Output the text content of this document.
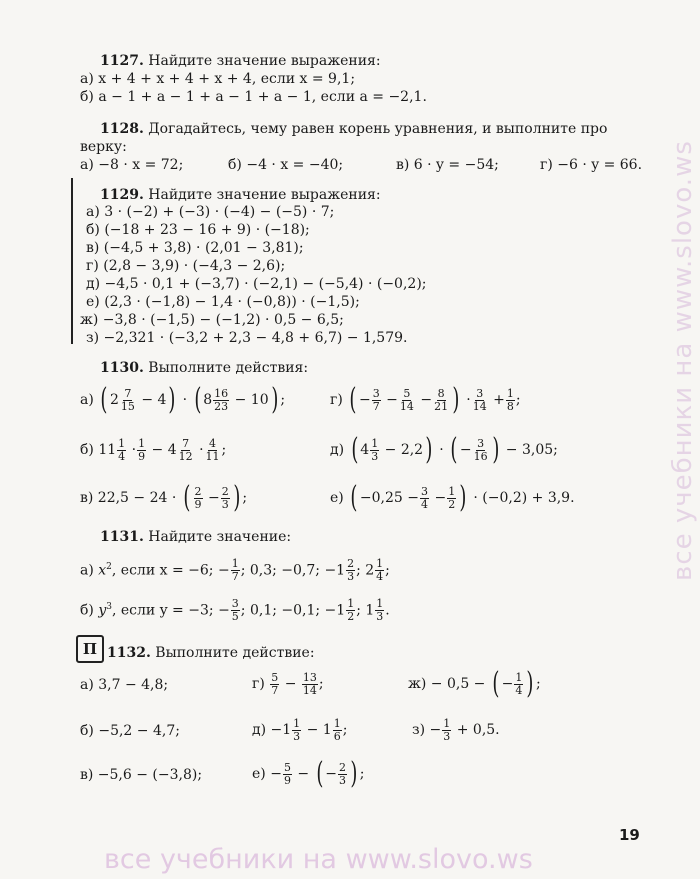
1127. Найдите значение выражения:
а) x + 4 + x + 4 + x + 4, если x = 9,1;
б) a − 1 + a − 1 + a − 1 + a − 1, если a = −2,1.
1128. Догадайтесь, чему равен корень уравнения, и выполните про
верку:
а) −8 · x = 72;	б) −4 · x = −40;	в) 6 · y = −54;	г) −6 · y = 66.
1129. Найдите значение выражения:
а) 3 · (−2) + (−3) · (−4) − (−5) · 7;
б) (−18 + 23 − 16 + 9) · (−18);
в) (−4,5 + 3,8) · (2,01 − 3,81);
г) (2,8 − 3,9) · (−4,3 − 2,6);
д) −4,5 · 0,1 + (−3,7) · (−2,1) − (−5,4) · (−0,2);
е) (2,3 · (−1,8) − 1,4 · (−0,8)) · (−1,5);
ж) −3,8 · (−1,5) − (−1,2) · 0,5 − 6,5;
з) −2,321 · (−3,2 + 2,3 − 4,8 + 6,7) − 1,579.
1130. Выполните действия:
а) ( $2 \frac{7}{15} - 4$) · ( $8 \frac{16}{23} - 10$) ;	г) ( − $\frac{3}{7} - \frac{5}{14} - \frac{8}{21}$ ) · $\frac{3}{14} + \frac{1}{8}$ ;
б) $11 \frac{1}{4} \cdot \frac{1}{9} - 4 \frac{7}{12} \cdot \frac{4}{11}$ ;	д) ( $4 \frac{1}{3} - 2,2$) · ( − $\frac{3}{16}$ ) − 3,05;
в) 22,5 − 24 · ( $\frac{2}{9} - \frac{2}{3}$ ) ;	е) ( $-0,25 - \frac{3}{4} - \frac{1}{2}$ ) · (−0,2) + 3,9.
1131. Найдите значение:
а) $x^2$, если x = −6; − $\frac{1}{7}$ ; 0,3; −0,7; $-1 \frac{2}{3}$ ; $2 \frac{1}{4}$ ;
б) $y^3$, если y = −3; − $\frac{3}{5}$ ; 0,1; −0,1; $-1 \frac{1}{2}$ ; $1 \frac{1}{3}$ .
П 1132. Выполните действие:
а) 3,7 − 4,8;	$г) \frac{5}{7} - \frac{13}{14}$ ;	ж) − 0,5 − ( − $\frac{1}{4}$ ) ;
б) −5,2 − 4,7;	$д) -1 \frac{1}{3} - 1 \frac{1}{6}$ ;	$з) - \frac{1}{3} + 0,5$.
в) −5,6 − (−3,8);	$е) - \frac{5}{9}$ − ( − $\frac{2}{3}$ ) ;
19
все учебники на www.slovo.ws
все учебники на www.slovo.ws
